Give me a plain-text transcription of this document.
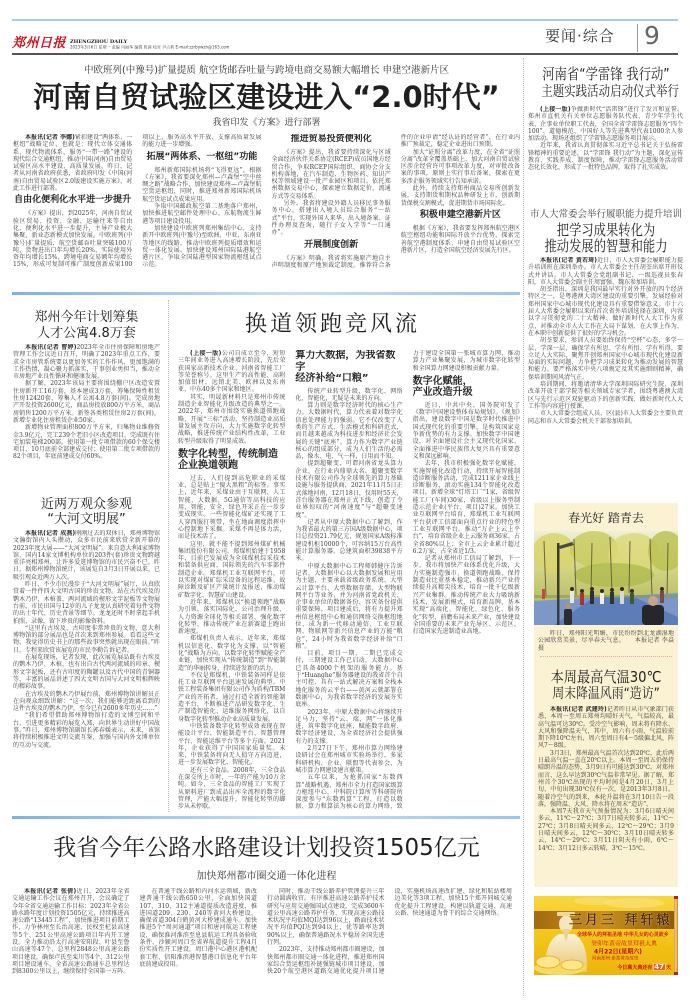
郑州日报 ZHENGZHOU DAILY
2023年3月6日 星期一 责编 闫丽华 编辑 陈茜 校对 尹占莉 E-mail:zzrbywzh@163.com
要闻·综合 9
中欧班列(中豫号)扩量提质 航空货邮吞吐量与跨境电商交易额大幅增长 申建空港新片区
河南自贸试验区建设进入“2.0时代”
我省印发《方案》进行部署

本报讯(记者 李娜)紧扣建设“两体系、一枢纽”战略定位，也就是：现代立体交通体系、现代物流体系，服务“一带一路”建设的现代综合交通枢纽，推动中国(河南)自由贸易试验区高水平建设、高质量发展。昨日，记者从河南省政府获悉，省政府印发《中国(河南)自由贸易试验区2.0版建设实施方案》，对此工作进行部署。

自由化便利化水平进一步提升

《方案》提出，到2025年，河南自贸试验区贸易、投资、金融、运输往来等自由化、便利化水平进一步提升，主导产业极大集聚，新业态新模式加快发展。中欧班列(中豫号)扩量提质，航空货邮吞吐量突破100万吨，货物进出口年均增长20%，实际使用外资年均增长15%，跨境电商交易额年均增长15%，形成可复制可推广制度创新成果100项以上，服务高水平开放、支撑高质量发展的能力进一步增强。

拓展“两体系、一枢纽”功能

郑州新郑国际机场将“飞得更远”。根据《方案》，我省要深化郑州—卢森堡“空中丝绸之路”战略合作，加快建设郑州—卢森堡航空货运枢纽，同时，推进郑州新郑国际机场航空货运试点成果应用。

争取中国邮政航空第二基地落户郑州，加快推进航空邮件处理中心、东航物流生鲜港等项目建设投用。

加快建设中欧班列郑州集结中心，支持新开中欧班列(中豫号)至欧洲、中亚、东南亚等地区的线路，推动中欧班列提质增效和运贸一体化发展。加快建设郑州国际陆港航空港片区，争取全国陆港型国家物流枢纽试点示范。

推进贸易投资便利化

《方案》提出，我省要持续深化与区域全面经济伙伴关系协定(RCEP)成员国地方经贸合作，争取RCEP国际组织、商协会分支机构落地，在汽车制造、生物医药、知识产权等领域建设一批产业园区和项目。依托郑州数据交易中心，探索建立数据定价、流通方式等交易体系。

另外，我省将建设外籍人员移民事务服务中心，搭建出入境人员综合服务“一站式”平台，实现外国人来华、出入境备案、证件办理及查询，随行子女入学等“一口通办”。

开展制度创新

《方案》明确，我省将实施原产地自主声明制度和原产地预裁定制度。推荐符合条件的企业申请“经认证的经营者”，在行业内推广预裁定，稳定企业进出口预期。

加大“证照分离”改革力度，在全省“证照分离”改革全覆盖基础上，加大河南自贸试验区涉企经营许可事项改革力度，对审批改备案的事项，原则上实行事后备案，探索在更多涉企服务领域实行告知承诺。

此外，持续支持郑州商品交易所创新发展，支持期货和期权品种研发上市，创新期货保税交割模式，促进期货市场国际化。

积极申建空港新片区

根据《方案》，我省要发挥郑州航空港区航空枢纽功能和国际开放平台优势，探索完善航空港制度体系，申建自由贸易试验区空港新片区，打造全国航空经济发展先行区。

河南省“学雷锋 我行动”
主题实践活动启动仪式举行

(上接一版)争做新时代“活雷锋”进行了发言和宣誓。郑州市直机关有关单位志愿服务队代表、青少年学生代表、企事业单位职工代表，全国全省学雷锋志愿服务“四个100”、道德模范、中国好人等先进典型代表1000余人参加活动。现场还组织了学雷锋志愿服务项目展示。

近年来，我省认真贯彻落实习近平总书记关于弘扬雷锋精神的重要论述，以“学雷锋 我行动”为主题，深化宣传教育、实践养成、制度保障，推动学雷锋志愿服务活动常态化长效化，形成了一批特色品牌，取得了扎实成效。

市人大常委会举行履职能力提升培训
把学习成果转化为
推动发展的智慧和能力

本报讯(记者 黄若琦)近日，市人大常委会履职能力提升培训班在深圳举办。市人大常委会主任胡荃出席开班仪式并讲话。市人大常委会党组副书记、一级巡视员张春阳，市人大常委会副主任周富强、魏东参加培训。

胡荃指出，深圳是我国最早实行对外开放的四个经济特区之一，是粤港澳大湾区建设的重要引擎，发展经验对郑州国家中心城市现代化建设具有重要借鉴意义。市十六届人大常委会履职以来的首次省外培训选择在深圳，内容以学习贯彻党的二十大精神、做好新时代人大工作为重点，对推动全市人大工作在大局下谋划、在大事上作为、在本职中创新提供了很好的学习机会。

胡荃要求，参训人员要始终保持“空杯”心态，多学一层、学深一层，确保学有所思、学有所悟、学有所得。要立足人大实际，聚焦开创郑州国家中心城市现代化建设新局面的实际问题，力争把学习成果转化为推动发展的智慧和能力。要严格落实中央八项规定及其实施细则精神，确保培训期间风清气正。

培训期间，将邀请清华大学深圳国际研究生院、深圳改革开放干部学院等相关领域专家学者，围绕粤港澳大湾区与先行示范区双轮驱动下的创新实践、做好新时代人大工作等内容进行授课。

市人大常委会组成人员，区(县)市人大常委会主要负责同志和市人大常委会机关干部参加培训。

春光好 踏青去

昨日，郑州阳光明媚，市民纷纷到北龙湖湿地公园欣赏美景，尽享春天气息。 本报记者 李焱 摄

本周最高气温30℃
周末降温风雨“造访”

本报讯(记者 武建玲)记者昨日从市气象部门获悉，本周一至周五郑州均晴好天气，气温较高，最高气温可达30℃。受冷空气影响，周末将有降水、大风和强降温天气，其中，周六有小雨，气温较前期下降10℃左右，周六至周日有4～5级偏北风，阵风7～8级。

3月3日，郑州最高气温首次达到20℃，此后两日最高气温一直在20℃以上。本周一至周五仍保持晴朗升温的态势，3月9日有可能达到30℃。对郑州而言，这么早达到30℃气温非常罕见。据了解，郑州首个30℃出现的平均时间是4月20日，3月上旬、中旬出现30℃仅有一次，是2013年3月8日。随着冷空气的到来，本轮升温将在3月10日告一段落，强降温、大风、降水将在周末“造访”。

本周7天我市天气预报情况为：3月6日晴天间多云，11℃～27℃；3月7日晴天转多云，11℃～27℃；3月8日晴天间多云，12℃～29℃；3月9日晴天间多云，12℃～30℃；3月10日晴天转多云，14℃～29℃；3月11日阴天有小雨，6℃～14℃；3月12日多云转晴，3℃～15℃。

三月三 拜轩辕
全球华人的拜祖圣地 中华儿女的心灵故乡
癸卯年黄帝故里拜祖大典
4月22日(星期六)
河南郑州·新郑黄帝故里
今日离大典还有 47 天
郑州今年计划筹集
人才公寓4.8万套

本报讯(记者 曹婷)2023年全市住房保障和房地产管理工作会议近日召开，明确了2023年重点工作，要求全市房管系统要以更加务实的工作作风、更加饱满的工作热情，凝心聚力抓落实，干事创业勇担当，推动全市房地产业良性循环和健康发展。

据了解，2023年该局主要将围绕棚户区改造安置住房新开工16万套，基本建成3万套，筹集保障性租赁住房12420套，筹集人才公寓4.8万套(间)。完成房地产开发投资2600亿元，商品房投放800万平方米，商品房销售1200万平方米。新签各类租赁住房2万套(间)，新增专业化住房租赁企业50家。

新增物业管理面积800万平方米，归集物业维修资金3.9亿元，完工239个老旧小区改造项目，完成既有住宅加装电梯200部。使用第一批专项借款的60个保交楼项目，10月底前全部建成交付；使用第二批专项借款的82个项目，年底前建成交付60%。

近两万观众参观
“大河文明展”

本报讯(记者 成燕)刚刚过去的双休日，郑州博物馆文瀚街馆内人头攒动，众多市民前来欣赏全新开幕的2023年度大展——“大河文明展”。来自意大利4家博物馆、国内14家文博机构单位的203件(套)珍贵文物跨越重洋亮相郑州，让许多爱逛博物馆的市民兴奋不已。昨日，据郑州博物馆统计，该展览自3月3日开展以来，已吸引观众近两万人次。

昨日，不少市民漫步于“大河文明展”展厅，认真欣赏着一件件四大文明古国的珍贵文物。站在古代埃及的鹦木乃伊、木棺盖，两河流域的楔形文字泥板等文物展台前，市民田国与12岁的儿子龙龙认真研究着每件文物的出土年代、历史背景等细节。龙龙还时不时拿起手机拍照、录像，留下珍贵的影像资料。

“这里有古埃及、古印度非常珍贵的文物，意大利博物馆的部分展品也是首次来到郑州参展。看看这些文物，我觉得历史书上的那些故事突然就出现在眼前。”昨日，专程来欣赏该展览的市民李勤告诉记者。

在展览现场，记者发现，此次展览展品既有古埃及的鹦木乃伊、木棺，也有出自古代两河流域的印章、楔形文字泥板，还有古印度的陶罐以及古代中国的青铜器等，丰富的展品讲述了四大文明古国与大河文明相辉映的精彩故事。

在古埃及的鹦木乃伊展台前，郑州博物馆讲解员正在向观众细致讲解：“这一次，我们能够近距离看到的这件古埃及的鹦木乃伊，至今已有2600多年历史……”

“我们希望借助郑州博物馆打造的文博空间和平台，引进更多精彩的展览入郑，向世界生动讲好中国故事。”昨日，郑州博物馆副馆长郭春媛表示，未来，该馆将持续积极推进文明交流互鉴，加强与国内外文博单位的互动与交流。

换道领跑竞风流

(上接一版)公司自成立至今，短短三年间业务进入高速增长阶段，先后荣获国家高新技术企业、河南省智能工厂等荣誉称号。这里生产的高性能、高附加值铝材，远销北美、欧洲以及东南亚、中东40多个国家和地区。

其实，明晟新材料只是郑州市传统制造企业智能化升级改造的典型之一。2022年，郑州市围绕实施换道领跑战略，开展“三标”活动，坚持制造业高质量发展主攻方向，大力实施数字化转型战略，推进传统产业结构性改革，工业转型升级取得了明显成效。

数字化转型，传统制造
企业换道领跑

过去，人们提到高危职业的采煤业，总是贴上“傻大黑粗”的标签。事实上，近年来，采煤业由于互联网、人工智能、大数据、5G通信等高科技的应用，智能、安全、绿色开采正在一步步变成现实。一些智能化煤矿还实现了工人穿西服打领带，坐在地面调度指挥中心控制地下采掘。采煤不再是体力活，而是技术活了。

这里，就不能不提到郑州煤矿机械集团股份有限公司。郑煤机始建于1958年，目前已发展成为全球煤机综采技术和装备供应商，国际领先的汽车零部件制造企业。郑煤机工业互联网平台，可以实现对煤矿综采设备的远程运维、故障诊断及矿区产量统计及报送，推动煤矿数字化、智慧矿山建设。

近年来，郑煤机以“换道领跑”战略为引领，落实国际化、公司治理升级、人力资源全球化等相关部署，强化数字化转型，推动传统产业在新赛道上跑出新速度。

郑煤机负责人表示，近年来，郑煤机以信息化、数字化为支撑，以“智能化”战略为方向，以数字化转型赋能全产业链，加快实现从“传统制造”到“智能制造”的华丽转身，持续迸发新的活力。

不仅是郑煤机，中铁装备同样是依托工业互联网平台迅速发展的典型。中铁工程装备集团有限公司作为盾构/TBM产业的开拓者，通过打造全新的智能制造平台，不断推进产品研发数字化、生产制造智能化、运维服务网络化，以自身数字化转型推动企业高质量发展。

中铁装备数字化转型成效表现在智能设计平台、智能制造平台、智慧管理平台、智能运维平台等多个方面。2021年，企业获得了中国国家质量奖。未来，中铁装备将向无人值守方向迈进，进一步发展数字化、智能化。

还有三全食品。2008年，三全食品在深交所上市时，一年的产能为10万余吨。如今，三全食品的智能工厂实现了从原料进厂到成品出库全流程的数字化管理，产能大幅提升，智能化转型的脚步从未停歇。

算力大数据，为我省数字
经济补给“口粮”

传统产业转型升级，数字化、网络化、智能化，无疑是未来的方向。

算力则是数字经济时代的核心生产力。大数据时代，算力代表着对数字化信息处理能力的强弱。它不仅改变了人类的生产方式、生活模式和科研范式，而且越来越成为科技进步和经济社会发展的关键“底座”。算力作为数字产业链核心的组成部分，成为人们生活的必需品，像水、电、气一样，日用而不知。

提到超聚变，可谓河南省龙头算力企业，在行业内鼎鼎大名。超聚变数字技术有限公司作为全球领先的算力基础设施与服务提供商，2021年11月5日正式落地河南，12月18日，仅用时55天，首台服务器在郑州正式下线，创造了令业界惊叹的“河南速度”与“超聚变速度”。

记者从中原大数据中心了解到，作为我省最大的第三方国A级数据中心，项目总投资21.79亿元，规划国家A级标准建设机柜10000个，可容纳15万台高性能计算服务器，总建筑面积39838平方米。

中原大数据中心工程师韩健庄告诉记者，大数据中心以大数据发展和应用为主题，主要承载省级政务系统、大型云计算平台、大型数据存储、大型物联网平台等业务，并为河南省党政机关、企事业单位的数据备份、容灾备份提供重要保障。项目建成后，将有力提升郑州信息枢纽中心和通信网络交换枢纽地位，成为新一代移动通信、工业互联网、物联网等新兴信息产业的万能“粮仓”，24小时为我省数字经济补给“口粮”。

目前，项目一期、二期已完成交付，三期建设工作已启动，大数据中心已具备4000个机架的服务能力。基于“Huanghe”服务器建设的我省首个自主可控、具有一站式解决方案和全栈本地化服务的云平台——黄河云就部署在数据中心，为我省数字经济的发展夯实底座。

2023年，中原大数据中心将继续开足马力，坚持“云、端、网”一体化推进，筑牢数字化底座，赋能数字政府、数字经济建设，为全省经济社会提供强有力的支撑。

2月27日下午，郑州市算力网络建设研讨会在郑州城市实验场举行，多家科研机构、企业、联盟等代表参会，为城市算力网建设建言献策。

五年以来，为抢抓国家“东数西算”战略机遇，郑州市全力打造国家级算力枢纽中心，中科院计算所等科研院所深度参与“东数西算”工程，打造以数据、算力和算法为核心的算力网络，致力于建设全国第一张城市算力网，推动算力产业集聚发展，为城市数字化转型和全国算力网建设积极贡献力量。

数字化赋能，
产业改造升级

近日，中共中央、国务院印发了《数字中国建设整体布局规划》。《规划》指出，建设数字中国是数字时代推进中国式现代化的重要引擎，是构筑国家竞争新优势的有力支撑。加快数字中国建设，对全面建设社会主义现代化国家、全面推进中华民族伟大复兴具有重要意义和深远影响。

去年，我市积极强化数字化赋能，实施智能化改造行动，持续开展智能制造诊断服务活动，完成1211家企业线上诊断服务，滚动实施134个智能化改造项目，新增全球“灯塔工厂”1家，省级智能工厂(车间)30家，省级以上服务型制造示范企业(平台、项目)27家。加快工业互联网平台培育，郑煤机工业互联网平台获评工信部面向重点行业的特色型工业互联网平台。推动“万企上云上平台”，培育省级企业上云服务商36家，占全省80%以上；全市上云企业累计超过6.2万家，占全省近1/3。

记者从郑州市工信局了解到，下一步，我市将加快产业体系优化升级，大力实施制造强市、换道领跑战略，保持制造业比重基本稳定，推动新兴产业持续提升高精尖技术，培育一批千亿级新兴产业集群。推动传统产业大力吸纳新技术，发展新模式，培育新品牌，基本实现“高端化、智能化、绿色化、服务化”转型，前瞻布局未来产业，加快建设全国重要的未来产业先导区、示范区，打造国家先进制造业高地。

我省今年公路水路建设计划投资1505亿元
加快郑州都市圈交通一体化进程

本报讯(记者 张倩)近日，2023年全省交通运输工作会议在郑州召开，会议确定了今年全省交通运输工作目标：2023年全省公路水路年度计划投资1505亿元，持续推进高速公路“13445工程”，加快推进项目前期工作，力争林州至长治高速、民权至杞县高速等5个、251公里高速公路项目年内开工建设。全力推动沿太行高速安阳段、叶县至鲁山高速等47个、总里程2848公里高速公路项目建设，确保卢氏至栾川等4个、312公里项目建设通车，全省高速公路通车总里程达到8300公里以上，继续保持全国第一方阵。

在普通干线公路和内河水运领域，新改建普通干线公路650公里，全面加快国道107、310、312主通道提质改造进度，推进国道209、230、240等黄河大桥建设，确保省道304白鹤黄河大桥建成通车。加快推进5个“周河通道”项目和唐河航运工程建设，确保淮河淮滨至息县航运工程具备验收条件、沙颍河周口至省界航道提升工程4月份实质性开工建设，周口港中心港区港机配套工程、信阳淮滨港智慧港口信息化平台年底前建成投用。

同时，推动干线公路养护管理提升三年行动圆满收官。有序推进高速公路养护技术研究与应用交通强国试点建设，完成3600车道公里高速公路养护任务，实现高速公路技术状况平均值MQI达到96以上，路面技术状况平均值PQI达到94以上，优等路率达到90%以上，确保普通路况水平稳居全国先进行列。

2023年，支持推动郑州都市圈建设，加快郑州都市圈交通一体化进程，推进郑州国家综合货运枢纽补链强链城市项目建设，加快20个航空港区道路交通优化提升项目建设，实施机场高速改扩建、绿化和航站楼周边美化等3项工程，加快15个郑开同城交通优化提升工程建设，构建以轨道交通、高速公路、快速通道为骨干的综合交通网络。
